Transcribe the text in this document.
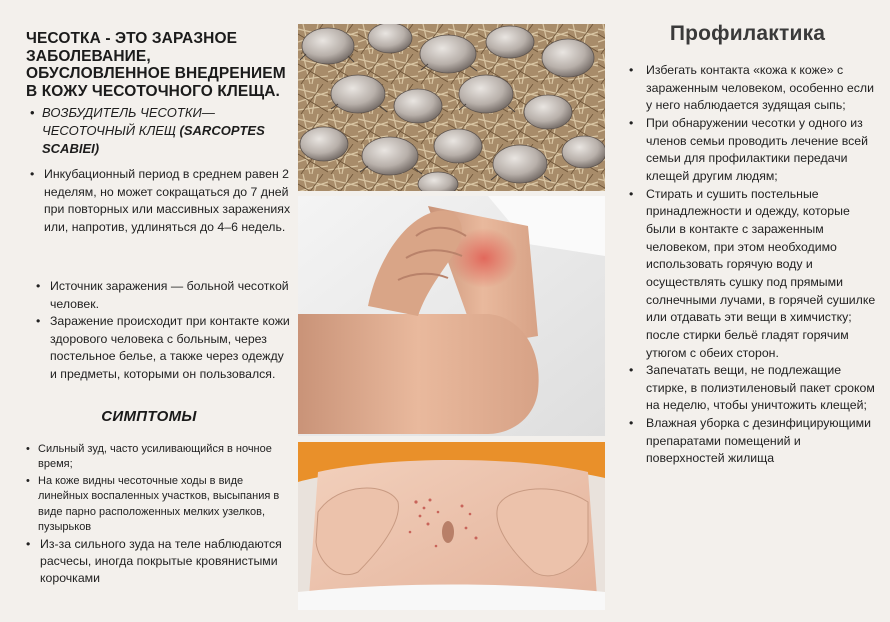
ЧЕСОТКА - ЭТО ЗАРАЗНОЕ ЗАБОЛЕВАНИЕ, ОБУСЛОВЛЕННОЕ ВНЕДРЕНИЕМ В КОЖУ ЧЕСОТОЧНОГО КЛЕЩА.
• ВОЗБУДИТЕЛЬ ЧЕСОТКИ—ЧЕСОТОЧНЫЙ КЛЕЩ (SARCOPTES SCABIEI)
• Инкубационный период в среднем равен 2 неделям, но может сокращаться до 7 дней при повторных или массивных заражениях или, напротив, удлиняться до 4–6 недель.
• Источник заражения — больной чесоткой человек.
• Заражение происходит при контакте кожи здорового человека с больным, через постельное белье, а также через одежду и предметы, которыми он пользовался.
СИМПТОМЫ
• Сильный зуд, часто усиливающийся в ночное время;
• На коже видны чесоточные ходы в виде линейных воспаленных участков, высыпания в виде парно расположенных мелких узелков, пузырьков
• Из-за сильного зуда на теле наблюдаются расчесы, иногда покрытые кровянистыми корочками
Профилактика
• Избегать контакта «кожа к коже» с зараженным человеком, особенно если у него наблюдается зудящая сыпь;
• При обнаружении чесотки у одного из членов семьи проводить лечение всей семьи для профилактики передачи клещей другим людям;
• Стирать и сушить постельные принадлежности и одежду, которые были в контакте с зараженным человеком, при этом необходимо использовать горячую воду и осуществлять сушку под прямыми солнечными лучами, в горячей сушилке или отдавать эти вещи в химчистку; после стирки бельё гладят горячим утюгом с обеих сторон.
• Запечатать вещи, не подлежащие стирке, в полиэтиленовый пакет сроком на неделю, чтобы уничтожить клещей;
• Влажная уборка с дезинфицирующими препаратами помещений и поверхностей жилища
